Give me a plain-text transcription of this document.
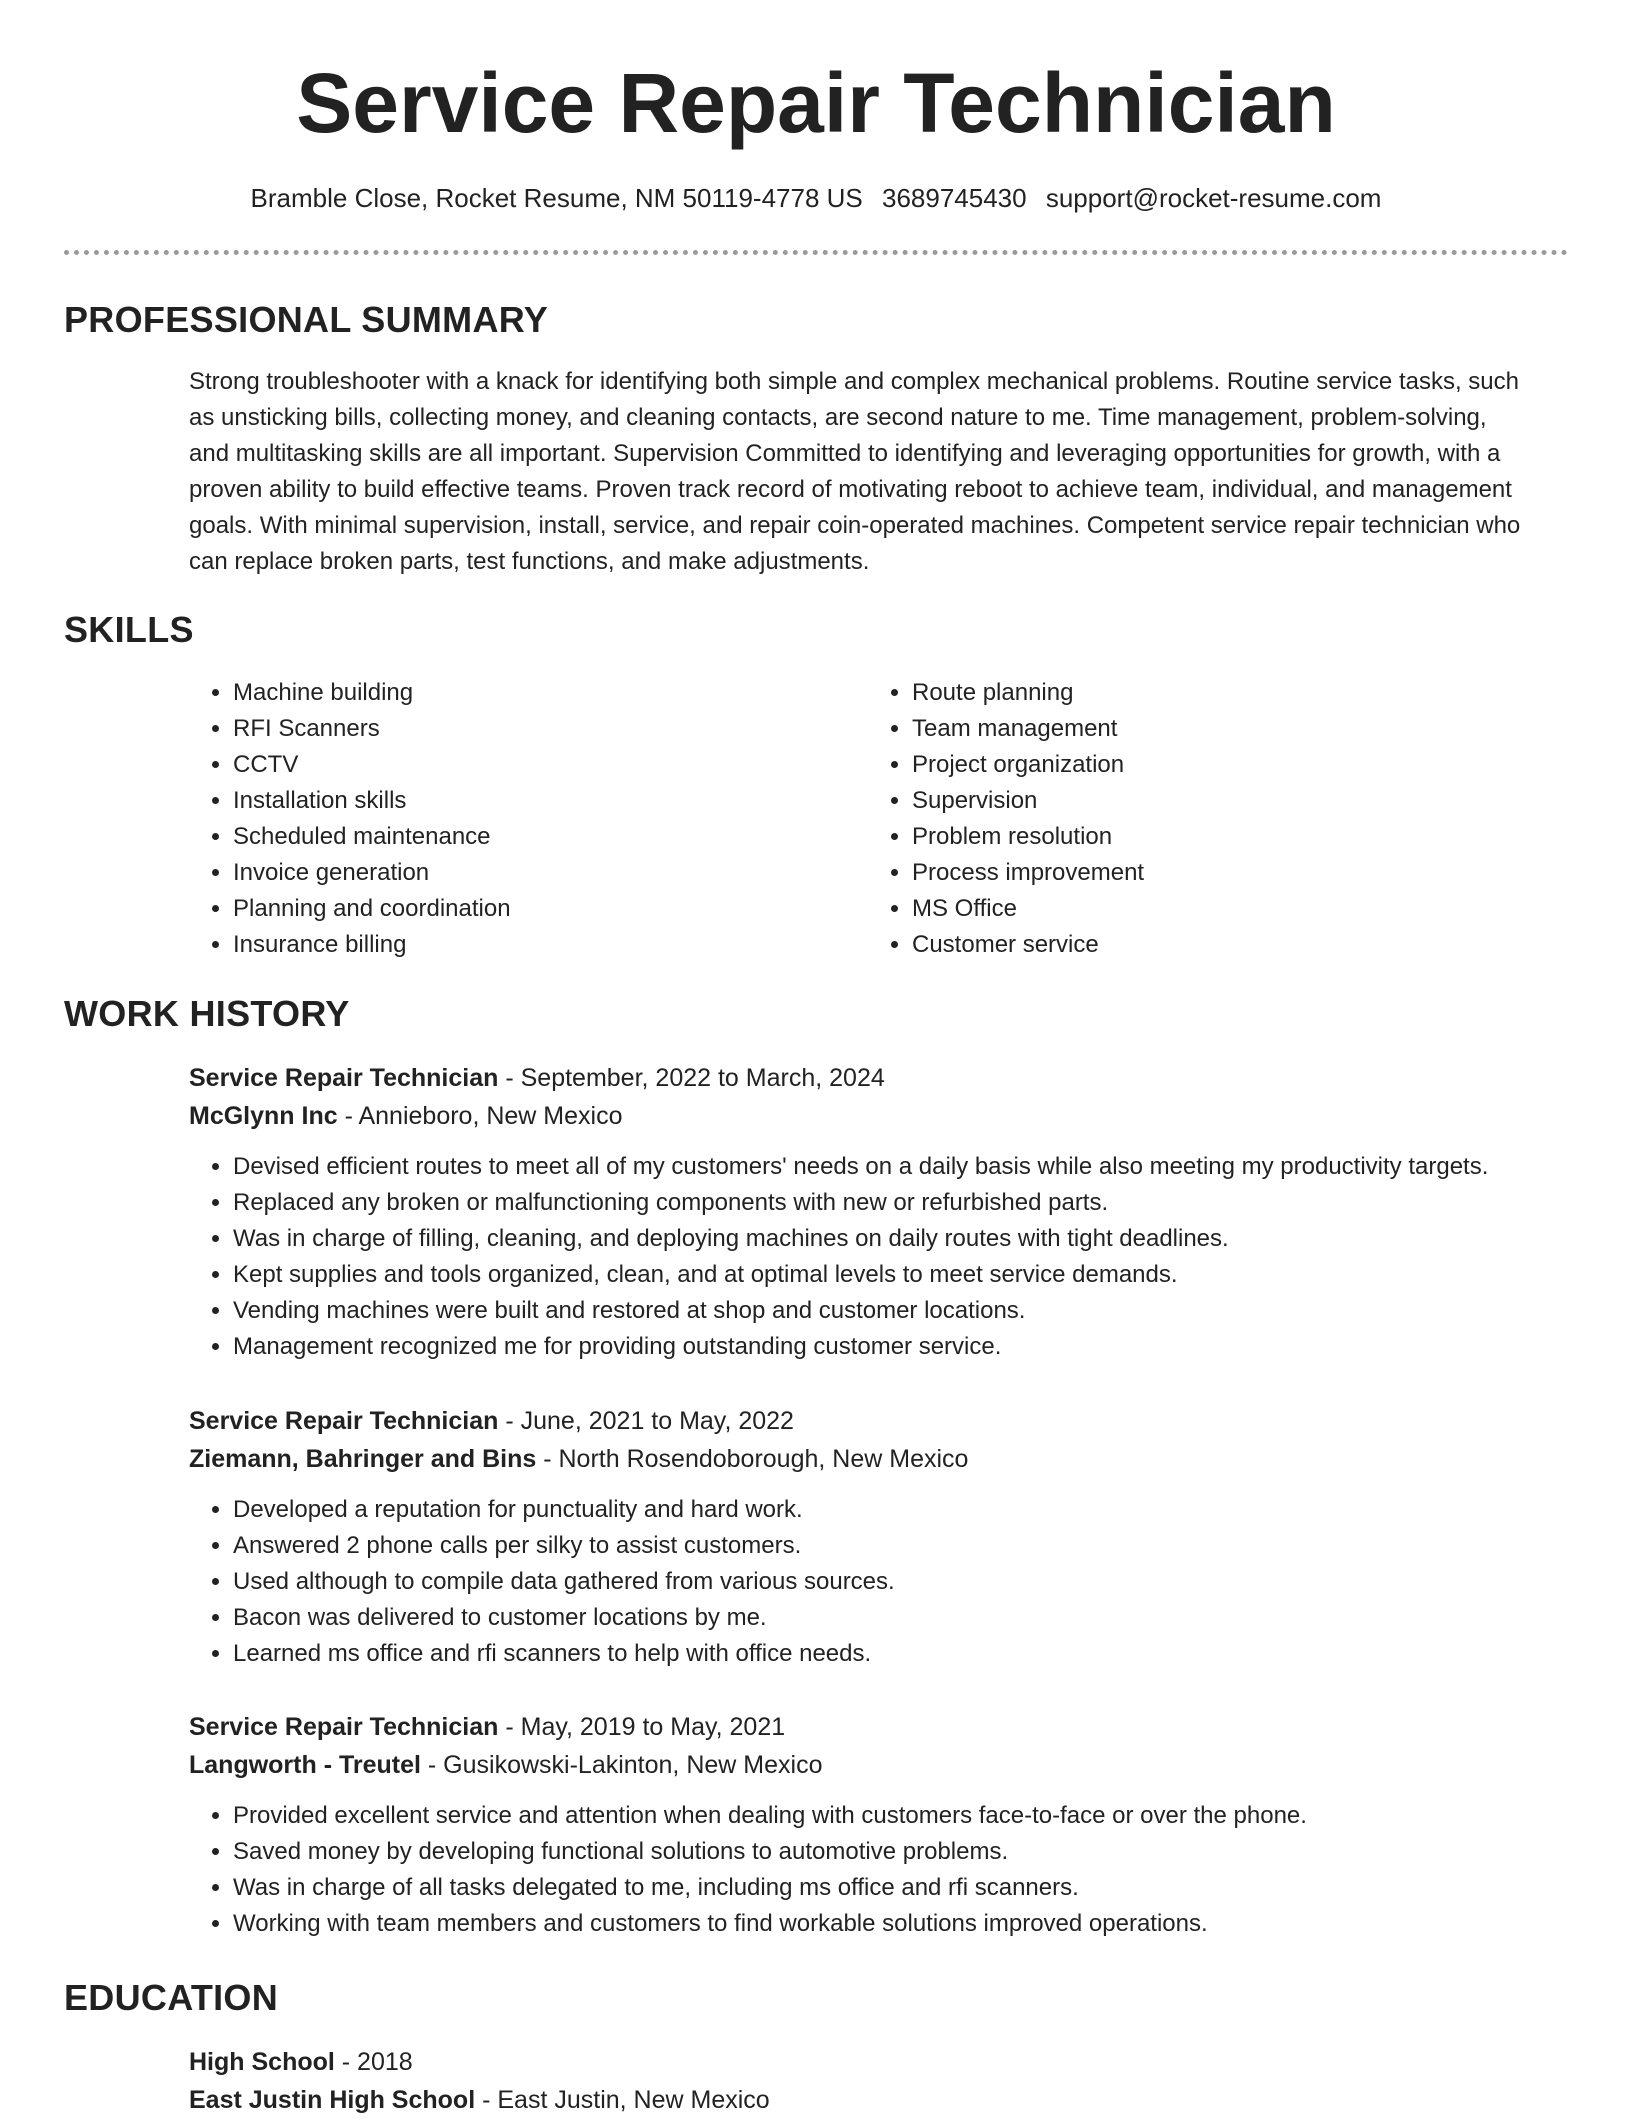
Service Repair Technician
Bramble Close, Rocket Resume, NM 50119-4778 US 3689745430 support@rocket-resume.com
PROFESSIONAL SUMMARY
Strong troubleshooter with a knack for identifying both simple and complex mechanical problems. Routine service tasks, such as unsticking bills, collecting money, and cleaning contacts, are second nature to me. Time management, problem-solving, and multitasking skills are all important. Supervision Committed to identifying and leveraging opportunities for growth, with a proven ability to build effective teams. Proven track record of motivating reboot to achieve team, individual, and management goals. With minimal supervision, install, service, and repair coin-operated machines. Competent service repair technician who can replace broken parts, test functions, and make adjustments.
SKILLS
• Machine building
• RFI Scanners
• CCTV
• Installation skills
• Scheduled maintenance
• Invoice generation
• Planning and coordination
• Insurance billing
• Route planning
• Team management
• Project organization
• Supervision
• Problem resolution
• Process improvement
• MS Office
• Customer service
WORK HISTORY
Service Repair Technician - September, 2022 to March, 2024
McGlynn Inc - Annieboro, New Mexico
• Devised efficient routes to meet all of my customers' needs on a daily basis while also meeting my productivity targets.
• Replaced any broken or malfunctioning components with new or refurbished parts.
• Was in charge of filling, cleaning, and deploying machines on daily routes with tight deadlines.
• Kept supplies and tools organized, clean, and at optimal levels to meet service demands.
• Vending machines were built and restored at shop and customer locations.
• Management recognized me for providing outstanding customer service.
Service Repair Technician - June, 2021 to May, 2022
Ziemann, Bahringer and Bins - North Rosendoborough, New Mexico
• Developed a reputation for punctuality and hard work.
• Answered 2 phone calls per silky to assist customers.
• Used although to compile data gathered from various sources.
• Bacon was delivered to customer locations by me.
• Learned ms office and rfi scanners to help with office needs.
Service Repair Technician - May, 2019 to May, 2021
Langworth - Treutel - Gusikowski-Lakinton, New Mexico
• Provided excellent service and attention when dealing with customers face-to-face or over the phone.
• Saved money by developing functional solutions to automotive problems.
• Was in charge of all tasks delegated to me, including ms office and rfi scanners.
• Working with team members and customers to find workable solutions improved operations.
EDUCATION
High School - 2018
East Justin High School - East Justin, New Mexico
